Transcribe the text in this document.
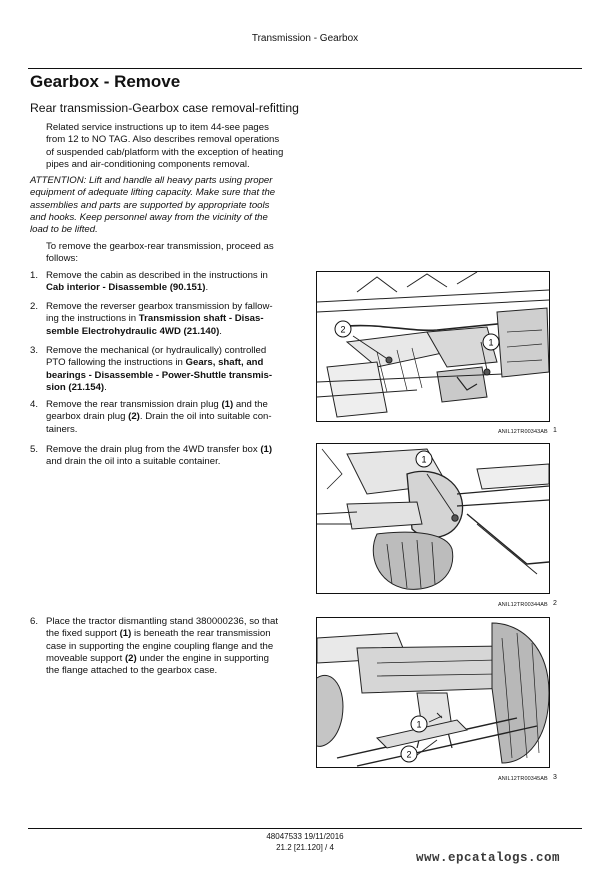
Transmission - Gearbox
Gearbox - Remove
Rear transmission-Gearbox case removal-refitting
Related service instructions up to item 44-see pages
from 12 to NO TAG. Also describes removal operations
of suspended cab/platform with the exception of heating
pipes and air-conditioning components removal.
ATTENTION: Lift and handle all heavy parts using proper
equipment of adequate lifting capacity. Make sure that the
assemblies and parts are supported by appropriate tools
and hooks. Keep personnel away from the vicinity of the
load to be lifted.
To remove the gearbox-rear transmission, proceed as
follows:
1. Remove the cabin as described in the instructions in
Cab interior - Disassemble (90.151).
2. Remove the reverser gearbox transmission by fallow-
ing the instructions in Transmission shaft - Disas-
semble Electrohydraulic 4WD (21.140).
3. Remove the mechanical (or hydraulically) controlled
PTO fallowing the instructions in Gears, shaft, and
bearings - Disassemble - Power-Shuttle transmis-
sion (21.154).
4. Remove the rear transmission drain plug (1) and the
gearbox drain plug (2). Drain the oil into suitable con-
tainers.
5. Remove the drain plug from the 4WD transfer box (1)
and drain the oil into a suitable container.
6. Place the tractor dismantling stand 380000236, so that
the fixed support (1) is beneath the rear transmission
case in supporting the engine coupling flange and the
moveable support (2) under the engine in supporting
the flange attached to the gearbox case.
2
1
ANIL12TR00343AB 1
1
ANIL12TR00344AB 2
1
2
ANIL12TR00345AB 3
48047533 19/11/2016
21.2 [21.120] / 4
www.epcatalogs.com
